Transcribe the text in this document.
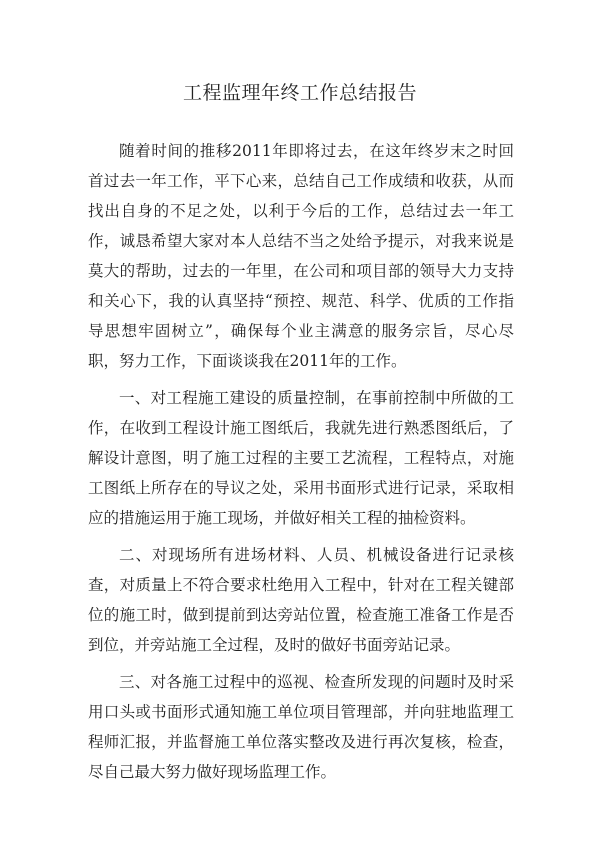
工程监理年终工作总结报告

随着时间的推移2011年即将过去，在这年终岁末之时回首过去一年工作，平下心来，总结自己工作成绩和收获，从而找出自身的不足之处，以利于今后的工作，总结过去一年工作，诚恳希望大家对本人总结不当之处给予提示，对我来说是莫大的帮助，过去的一年里，在公司和项目部的领导大力支持和关心下，我的认真坚持“预控、规范、科学、优质的工作指导思想牢固树立”，确保每个业主满意的服务宗旨，尽心尽职，努力工作，下面谈谈我在2011年的工作。

一、对工程施工建设的质量控制，在事前控制中所做的工作，在收到工程设计施工图纸后，我就先进行熟悉图纸后，了解设计意图，明了施工过程的主要工艺流程，工程特点，对施工图纸上所存在的导议之处，采用书面形式进行记录，采取相应的措施运用于施工现场，并做好相关工程的抽检资料。

二、对现场所有进场材料、人员、机械设备进行记录核查，对质量上不符合要求杜绝用入工程中，针对在工程关键部位的施工时，做到提前到达旁站位置，检查施工准备工作是否到位，并旁站施工全过程，及时的做好书面旁站记录。

三、对各施工过程中的巡视、检查所发现的问题时及时采用口头或书面形式通知施工单位项目管理部，并向驻地监理工程师汇报，并监督施工单位落实整改及进行再次复核，检查，尽自己最大努力做好现场监理工作。
